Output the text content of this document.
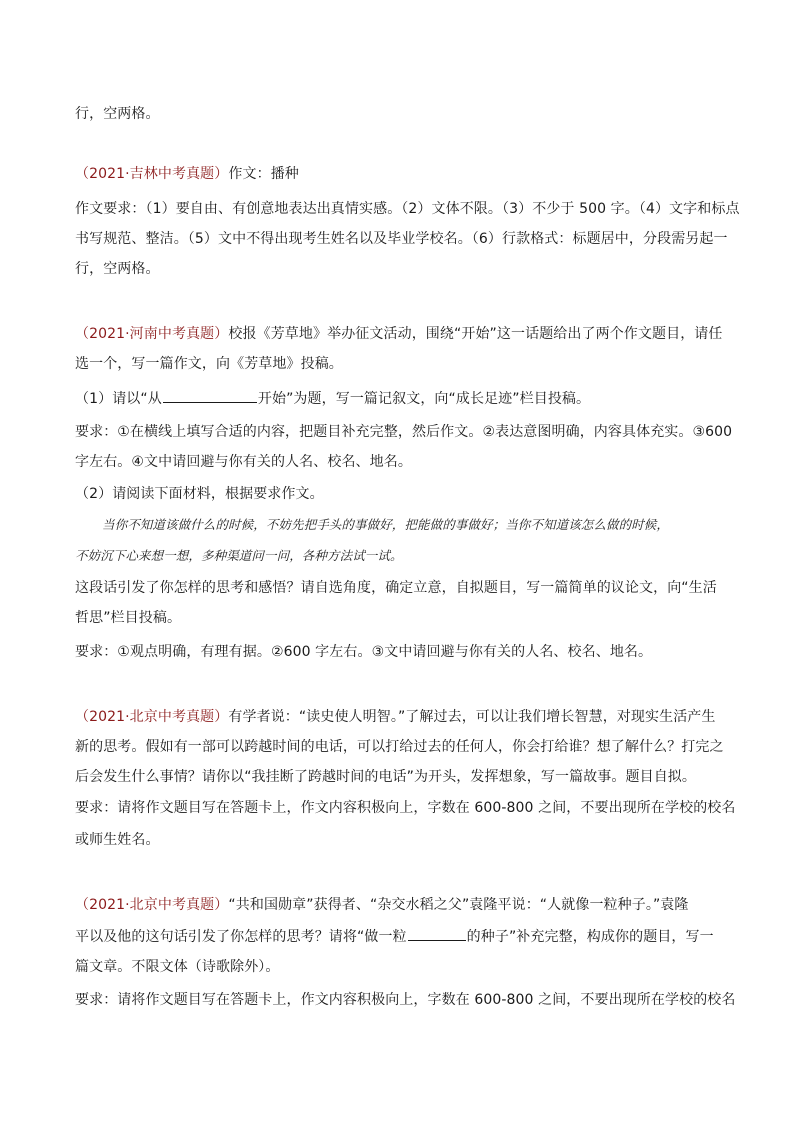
行，空两格。
（2021·吉林中考真题）作文：播种
作文要求：（1）要自由、有创意地表达出真情实感。（2）文体不限。（3）不少于 500 字。（4）文字和标点
书写规范、整洁。（5）文中不得出现考生姓名以及毕业学校名。（6）行款格式：标题居中，分段需另起一
行，空两格。
（2021·河南中考真题）校报《芳草地》举办征文活动，围绕“开始”这一话题给出了两个作文题目，请任
选一个，写一篇作文，向《芳草地》投稿。
（1）请以“从	开始”为题，写一篇记叙文，向“成长足迹”栏目投稿。
要求：①在横线上填写合适的内容，把题目补充完整，然后作文。②表达意图明确，内容具体充实。③600
字左右。④文中请回避与你有关的人名、校名、地名。
（2）请阅读下面材料，根据要求作文。
当你不知道该做什么的时候，不妨先把手头的事做好，把能做的事做好；当你不知道该怎么做的时候，
不妨沉下心来想一想，多种渠道问一问，各种方法试一试。
这段话引发了你怎样的思考和感悟？请自选角度，确定立意，自拟题目，写一篇简单的议论文，向“生活
哲思”栏目投稿。
要求：①观点明确，有理有据。②600 字左右。③文中请回避与你有关的人名、校名、地名。
（2021·北京中考真题）有学者说：“读史使人明智。”了解过去，可以让我们增长智慧，对现实生活产生
新的思考。假如有一部可以跨越时间的电话，可以打给过去的任何人，你会打给谁？想了解什么？打完之
后会发生什么事情？请你以“我挂断了跨越时间的电话”为开头，发挥想象，写一篇故事。题目自拟。
要求：请将作文题目写在答题卡上，作文内容积极向上，字数在 600-800 之间，不要出现所在学校的校名
或师生姓名。
（2021·北京中考真题）“共和国勋章”获得者、“杂交水稻之父”袁隆平说：“人就像一粒种子。”袁隆
平以及他的这句话引发了你怎样的思考？请将“做一粒	的种子”补充完整，构成你的题目，写一
篇文章。不限文体（诗歌除外）。
要求：请将作文题目写在答题卡上，作文内容积极向上，字数在 600-800 之间，不要出现所在学校的校名
